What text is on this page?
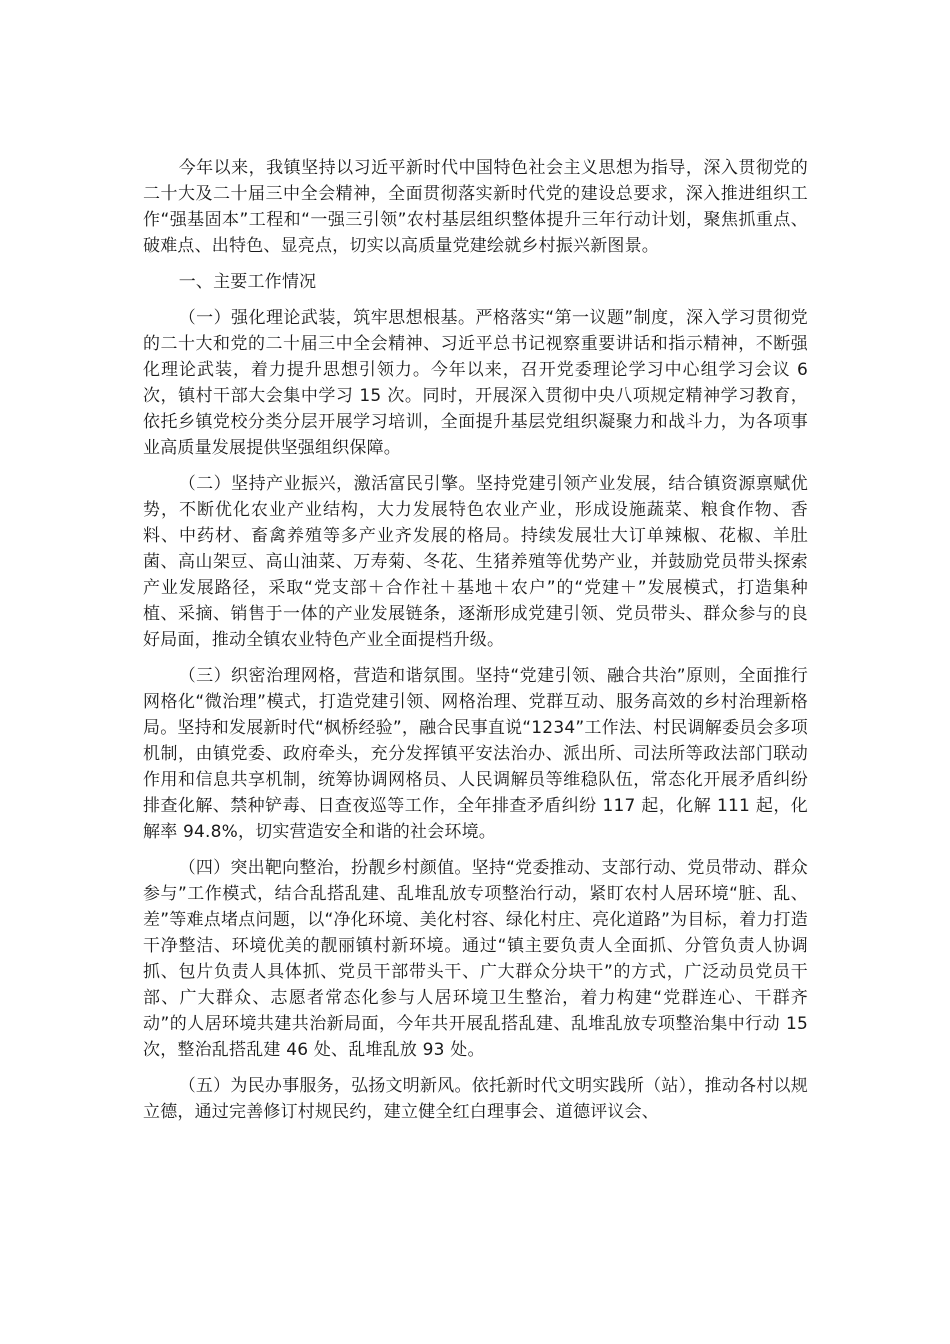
今年以来，我镇坚持以习近平新时代中国特色社会主义思想为指导，深入贯彻党的二十大及二十届三中全会精神，全面贯彻落实新时代党的建设总要求，深入推进组织工作“强基固本”工程和“一强三引领”农村基层组织整体提升三年行动计划，聚焦抓重点、破难点、出特色、显亮点，切实以高质量党建绘就乡村振兴新图景。

一、主要工作情况

（一）强化理论武装，筑牢思想根基。严格落实“第一议题”制度，深入学习贯彻党的二十大和党的二十届三中全会精神、习近平总书记视察重要讲话和指示精神，不断强化理论武装，着力提升思想引领力。今年以来，召开党委理论学习中心组学习会议 6 次，镇村干部大会集中学习 15 次。同时，开展深入贯彻中央八项规定精神学习教育，依托乡镇党校分类分层开展学习培训，全面提升基层党组织凝聚力和战斗力，为各项事业高质量发展提供坚强组织保障。

（二）坚持产业振兴，激活富民引擎。坚持党建引领产业发展，结合镇资源禀赋优势，不断优化农业产业结构，大力发展特色农业产业，形成设施蔬菜、粮食作物、香料、中药材、畜禽养殖等多产业齐发展的格局。持续发展壮大订单辣椒、花椒、羊肚菌、高山架豆、高山油菜、万寿菊、冬花、生猪养殖等优势产业，并鼓励党员带头探索产业发展路径，采取“党支部＋合作社＋基地＋农户”的“党建＋”发展模式，打造集种植、采摘、销售于一体的产业发展链条，逐渐形成党建引领、党员带头、群众参与的良好局面，推动全镇农业特色产业全面提档升级。

（三）织密治理网格，营造和谐氛围。坚持“党建引领、融合共治”原则，全面推行网格化“微治理”模式，打造党建引领、网格治理、党群互动、服务高效的乡村治理新格局。坚持和发展新时代“枫桥经验”，融合民事直说“1234”工作法、村民调解委员会多项机制，由镇党委、政府牵头，充分发挥镇平安法治办、派出所、司法所等政法部门联动作用和信息共享机制，统筹协调网格员、人民调解员等维稳队伍，常态化开展矛盾纠纷排查化解、禁种铲毒、日查夜巡等工作，全年排查矛盾纠纷 117 起，化解 111 起，化解率 94.8%，切实营造安全和谐的社会环境。

（四）突出靶向整治，扮靓乡村颜值。坚持“党委推动、支部行动、党员带动、群众参与”工作模式，结合乱搭乱建、乱堆乱放专项整治行动，紧盯农村人居环境“脏、乱、差”等难点堵点问题，以“净化环境、美化村容、绿化村庄、亮化道路”为目标，着力打造干净整洁、环境优美的靓丽镇村新环境。通过“镇主要负责人全面抓、分管负责人协调抓、包片负责人具体抓、党员干部带头干、广大群众分块干”的方式，广泛动员党员干部、广大群众、志愿者常态化参与人居环境卫生整治，着力构建“党群连心、干群齐动”的人居环境共建共治新局面，今年共开展乱搭乱建、乱堆乱放专项整治集中行动 15 次，整治乱搭乱建 46 处、乱堆乱放 93 处。

（五）为民办事服务，弘扬文明新风。依托新时代文明实践所（站），推动各村以规立德，通过完善修订村规民约，建立健全红白理事会、道德评议会、
